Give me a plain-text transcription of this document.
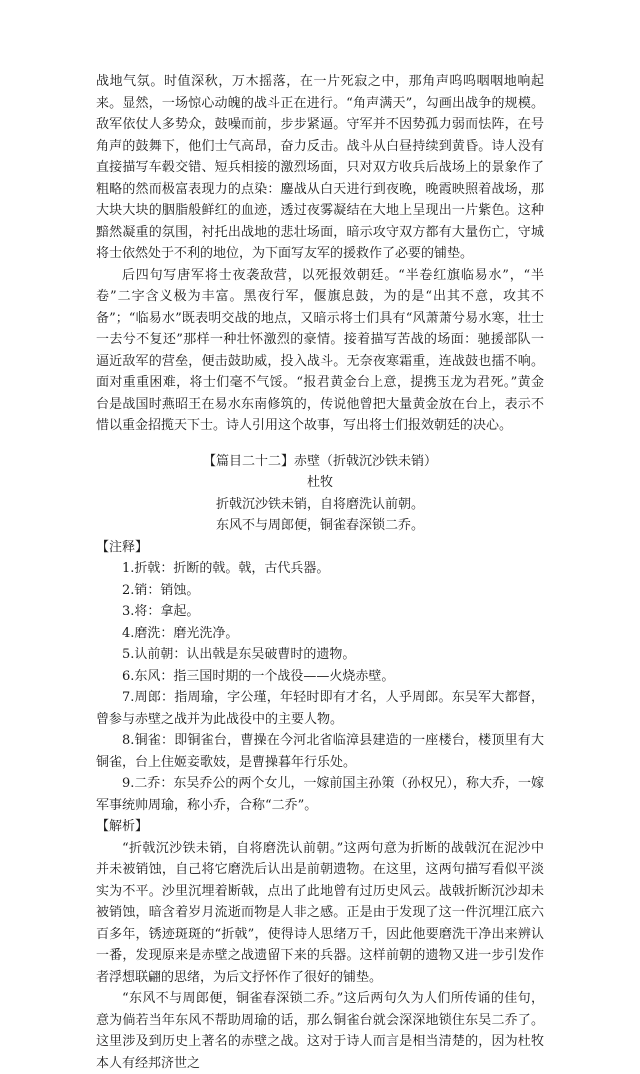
战地气氛。时值深秋，万木摇落，在一片死寂之中，那角声呜呜咽咽地响起来。显然，一场惊心动魄的战斗正在进行。“角声满天”，勾画出战争的规模。敌军依仗人多势众，鼓噪而前，步步紧逼。守军并不因势孤力弱而怯阵，在号角声的鼓舞下，他们士气高昂，奋力反击。战斗从白昼持续到黄昏。诗人没有直接描写车毂交错、短兵相接的激烈场面，只对双方收兵后战场上的景象作了粗略的然而极富表现力的点染：鏖战从白天进行到夜晚，晚霞映照着战场，那大块大块的胭脂般鲜红的血迹，透过夜雾凝结在大地上呈现出一片紫色。这种黯然凝重的氛围，衬托出战地的悲壮场面，暗示攻守双方都有大量伤亡，守城将士依然处于不利的地位，为下面写友军的援救作了必要的铺垫。

后四句写唐军将士夜袭敌营，以死报效朝廷。“半卷红旗临易水”，“半卷”二字含义极为丰富。黑夜行军，偃旗息鼓，为的是“出其不意，攻其不备”；“临易水”既表明交战的地点，又暗示将士们具有“风萧萧兮易水寒，壮士一去兮不复还”那样一种壮怀激烈的豪情。接着描写苦战的场面：驰援部队一逼近敌军的营垒，便击鼓助威，投入战斗。无奈夜寒霜重，连战鼓也擂不响。面对重重困难，将士们毫不气馁。“报君黄金台上意，提携玉龙为君死。”黄金台是战国时燕昭王在易水东南修筑的，传说他曾把大量黄金放在台上，表示不惜以重金招揽天下士。诗人引用这个故事，写出将士们报效朝廷的决心。

【篇目二十二】赤壁（折戟沉沙铁未销）

杜牧

折戟沉沙铁未销，自将磨洗认前朝。

东风不与周郎便，铜雀春深锁二乔。

【注释】

1.折戟：折断的戟。戟，古代兵器。

2.销：销蚀。

3.将：拿起。

4.磨洗：磨光洗净。

5.认前朝：认出戟是东吴破曹时的遗物。

6.东风：指三国时期的一个战役——火烧赤壁。

7.周郎：指周瑜，字公瑾，年轻时即有才名，人乎周郎。东吴军大都督，曾参与赤壁之战并为此战役中的主要人物。

8.铜雀：即铜雀台，曹操在今河北省临漳县建造的一座楼台，楼顶里有大铜雀，台上住姬妾歌妓，是曹操暮年行乐处。

9.二乔：东吴乔公的两个女儿，一嫁前国主孙策（孙权兄），称大乔，一嫁军事统帅周瑜，称小乔，合称“二乔”。

【解析】

“折戟沉沙铁未销，自将磨洗认前朝。”这两句意为折断的战戟沉在泥沙中并未被销蚀，自己将它磨洗后认出是前朝遗物。在这里，这两句描写看似平淡实为不平。沙里沉埋着断戟，点出了此地曾有过历史风云。战戟折断沉沙却未被销蚀，暗含着岁月流逝而物是人非之感。正是由于发现了这一件沉埋江底六百多年，锈迹斑斑的“折戟”，使得诗人思绪万千，因此他要磨洗干净出来辨认一番，发现原来是赤壁之战遗留下来的兵器。这样前朝的遗物又进一步引发作者浮想联翩的思绪，为后文抒怀作了很好的铺垫。

“东风不与周郎便，铜雀春深锁二乔。”这后两句久为人们所传诵的佳句，意为倘若当年东风不帮助周瑜的话，那么铜雀台就会深深地锁住东吴二乔了。这里涉及到历史上著名的赤壁之战。这对于诗人而言是相当清楚的，因为杜牧本人有经邦济世之
